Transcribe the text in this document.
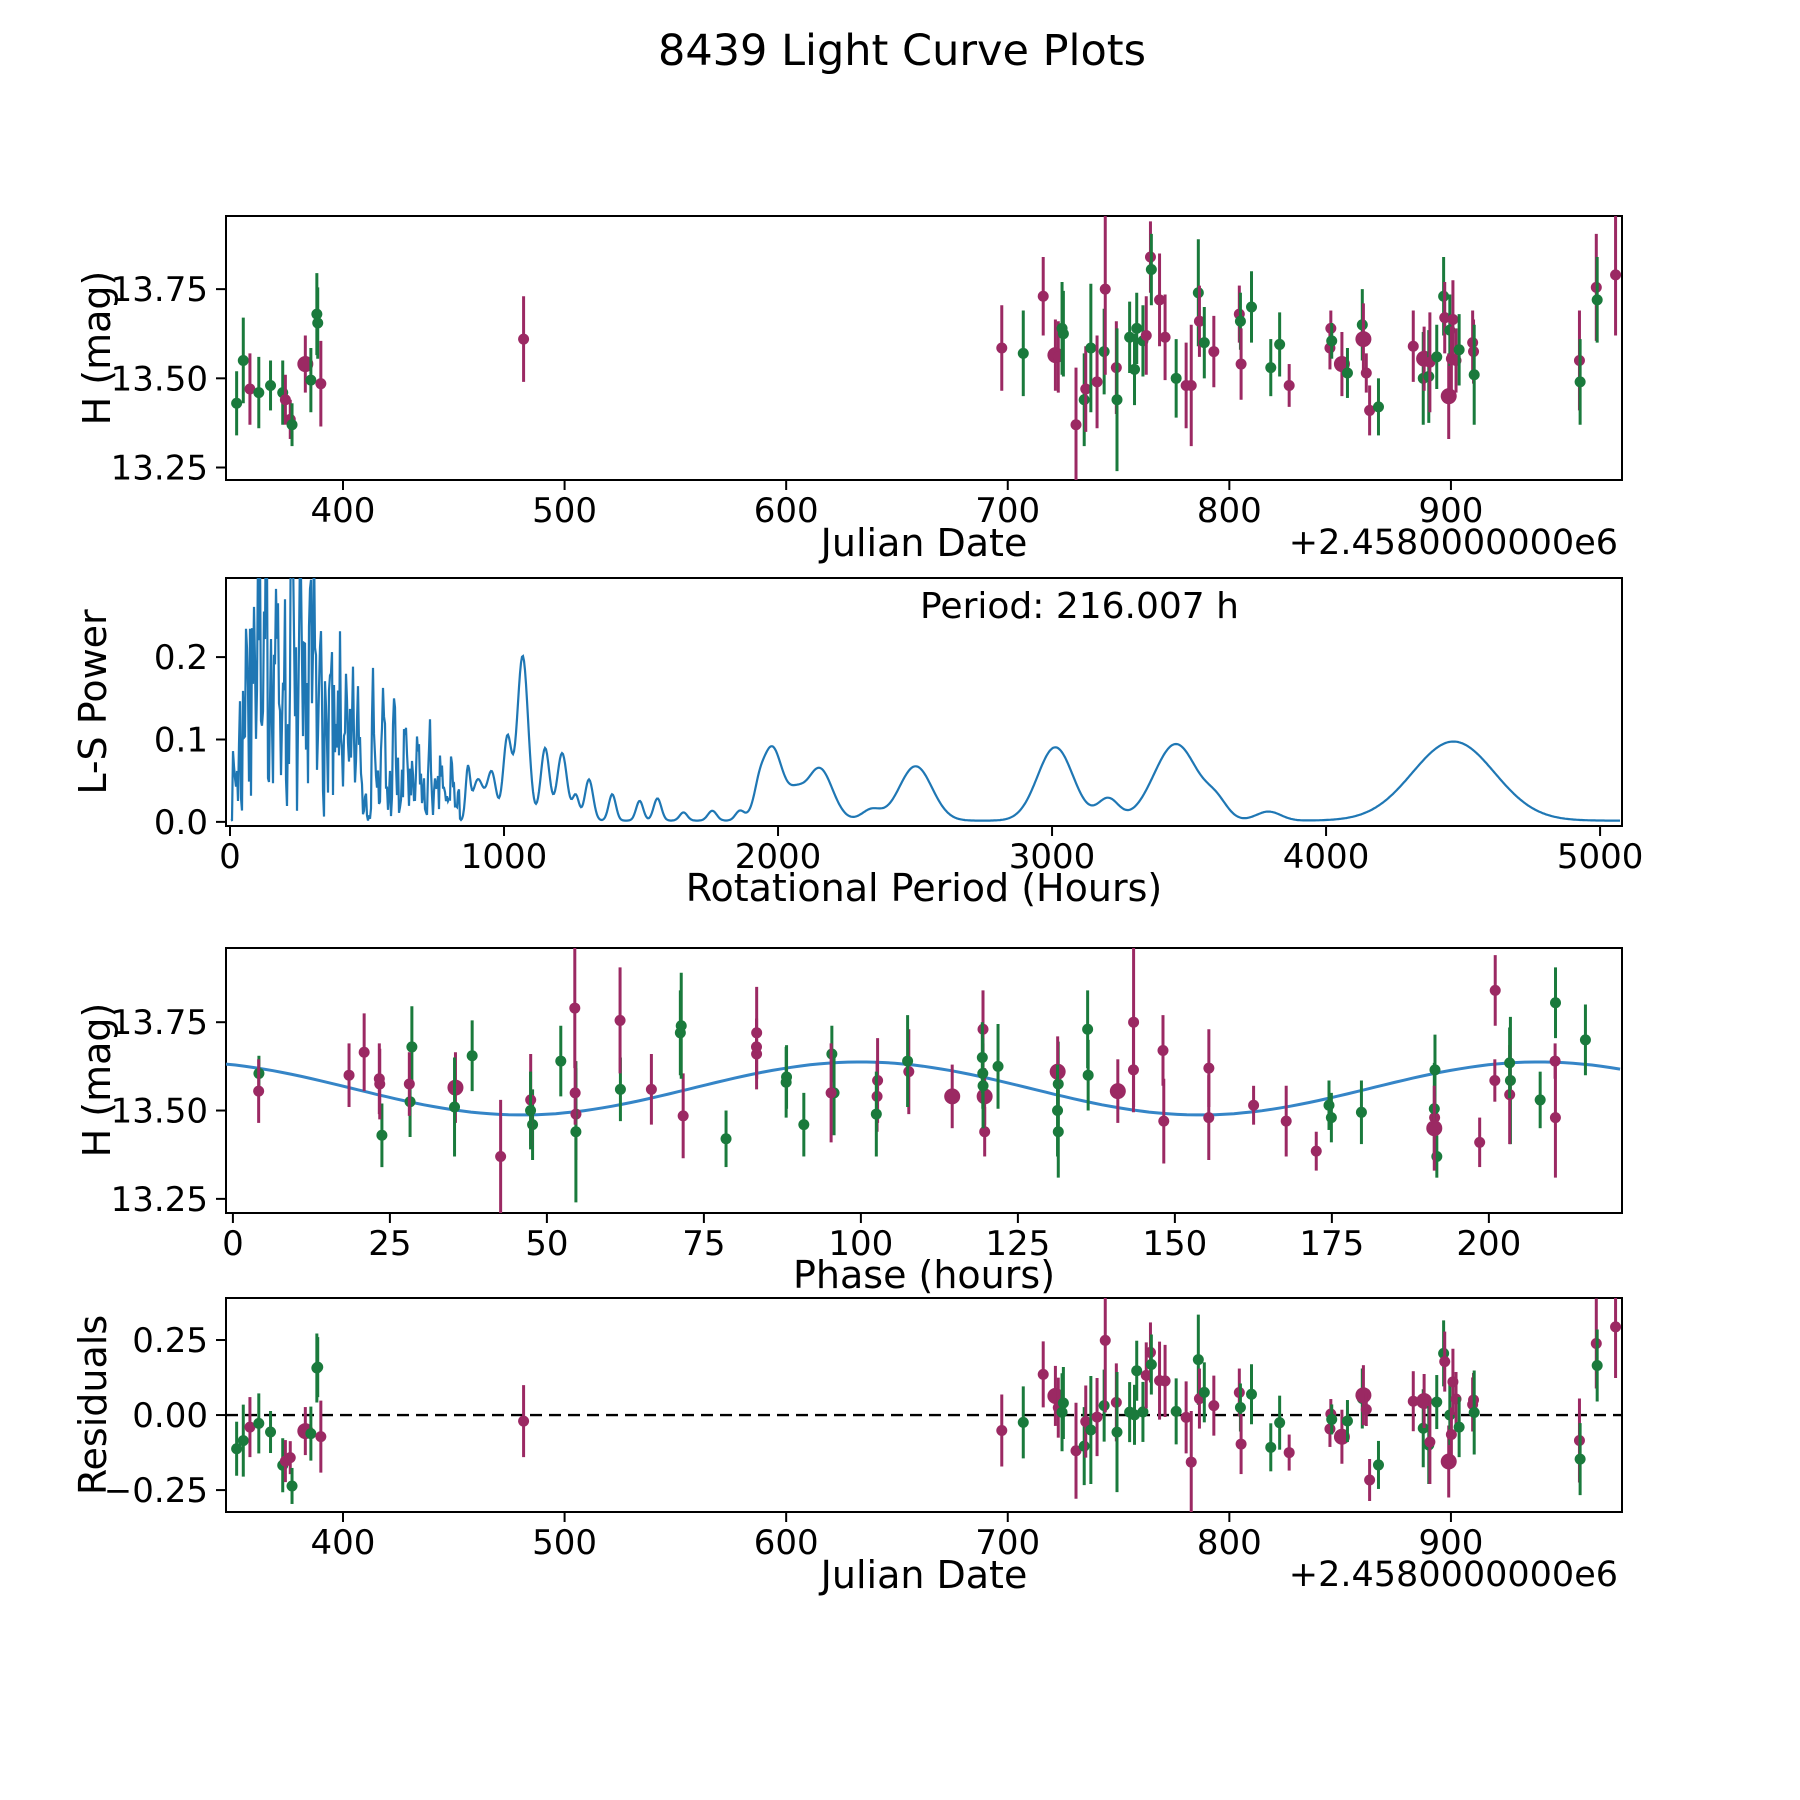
400	500	600	700	800	900
13.25
13.50
13.75
0	1000	2000	3000	4000	5000
0.0
0.1
0.2
0	25	50	75	100	125	150	175	200
13.25
13.50
13.75
400	500	600	700	800	900
−0.25
0.00
0.25
8439 Light Curve Plots
Julian Date	+2.4580000000e6
H (mag)
Rotational Period (Hours)
L-S Power
Period: 216.007 h
Phase (hours)
H (mag)
Julian Date	+2.4580000000e6
Residuals
